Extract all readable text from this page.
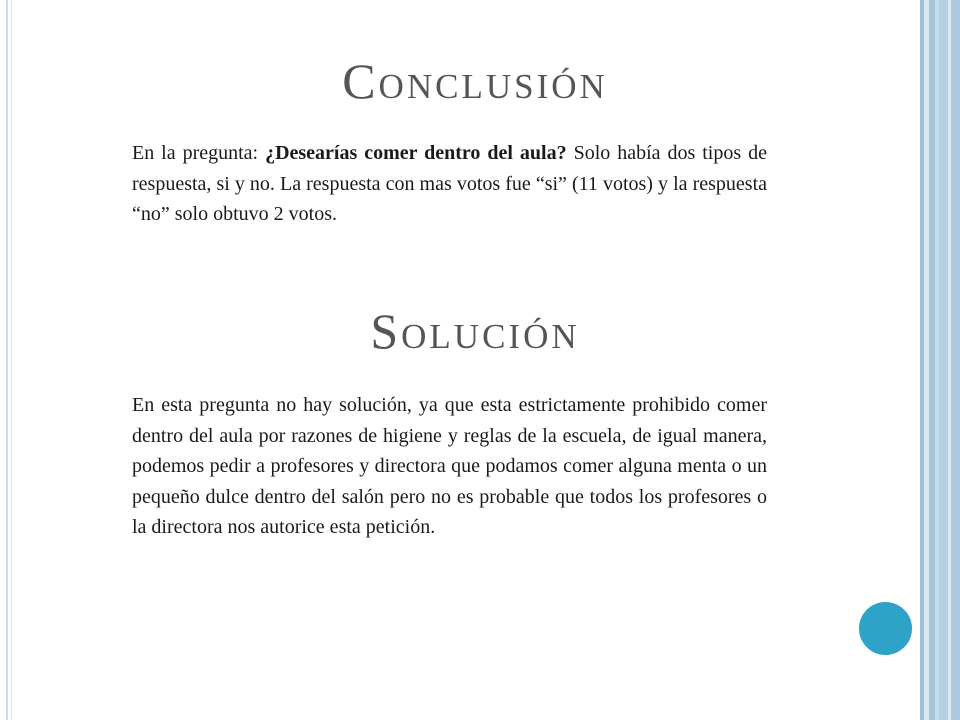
Conclusión

En la pregunta: ¿Desearías comer dentro del aula? Solo había dos tipos de respuesta, si y no. La respuesta con mas votos fue “si” (11 votos) y la respuesta “no” solo obtuvo 2 votos.

Solución

En esta pregunta no hay solución, ya que esta estrictamente prohibido comer dentro del aula por razones de higiene y reglas de la escuela, de igual manera, podemos pedir a profesores y directora que podamos comer alguna menta o un pequeño dulce dentro del salón pero no es probable que todos los profesores o la directora nos autorice esta petición.
